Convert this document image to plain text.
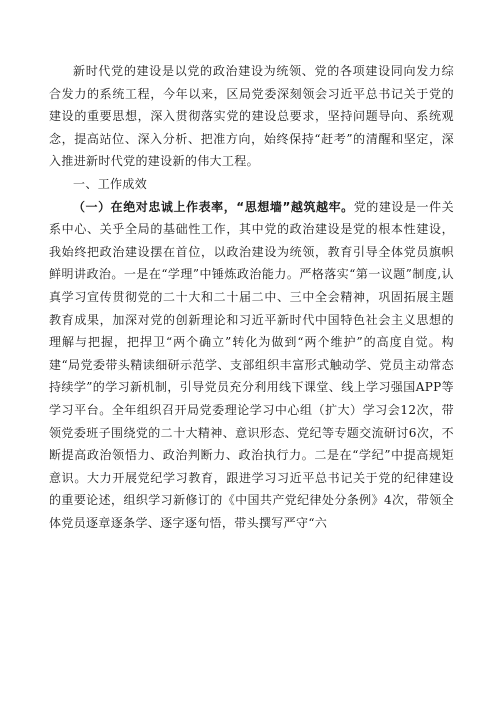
新时代党的建设是以党的政治建设为统领、党的各项建设同向发力综合发力的系统工程，今年以来，区局党委深刻领会习近平总书记关于党的建设的重要思想，深入贯彻落实党的建设总要求，坚持问题导向、系统观念，提高站位、深入分析、把准方向，始终保持“赶考”的清醒和坚定，深入推进新时代党的建设新的伟大工程。

一、工作成效

（一）在绝对忠诚上作表率，“思想墙”越筑越牢。党的建设是一件关系中心、关乎全局的基础性工作，其中党的政治建设是党的根本性建设，我始终把政治建设摆在首位，以政治建设为统领，教育引导全体党员旗帜鲜明讲政治。一是在“学理”中锤炼政治能力。严格落实“第一议题”制度,认真学习宣传贯彻党的二十大和二十届二中、三中全会精神，巩固拓展主题教育成果，加深对党的创新理论和习近平新时代中国特色社会主义思想的理解与把握，把捍卫“两个确立”转化为做到“两个维护”的高度自觉。构建“局党委带头精读细研示范学、支部组织丰富形式触动学、党员主动常态持续学”的学习新机制，引导党员充分利用线下课堂、线上学习强国APP等学习平台。全年组织召开局党委理论学习中心组（扩大）学习会12次，带领党委班子围绕党的二十大精神、意识形态、党纪等专题交流研讨6次，不断提高政治领悟力、政治判断力、政治执行力。二是在“学纪”中提高规矩意识。大力开展党纪学习教育，跟进学习习近平总书记关于党的纪律建设的重要论述，组织学习新修订的《中国共产党纪律处分条例》4次，带领全体党员逐章逐条学、逐字逐句悟，带头撰写严守“六
